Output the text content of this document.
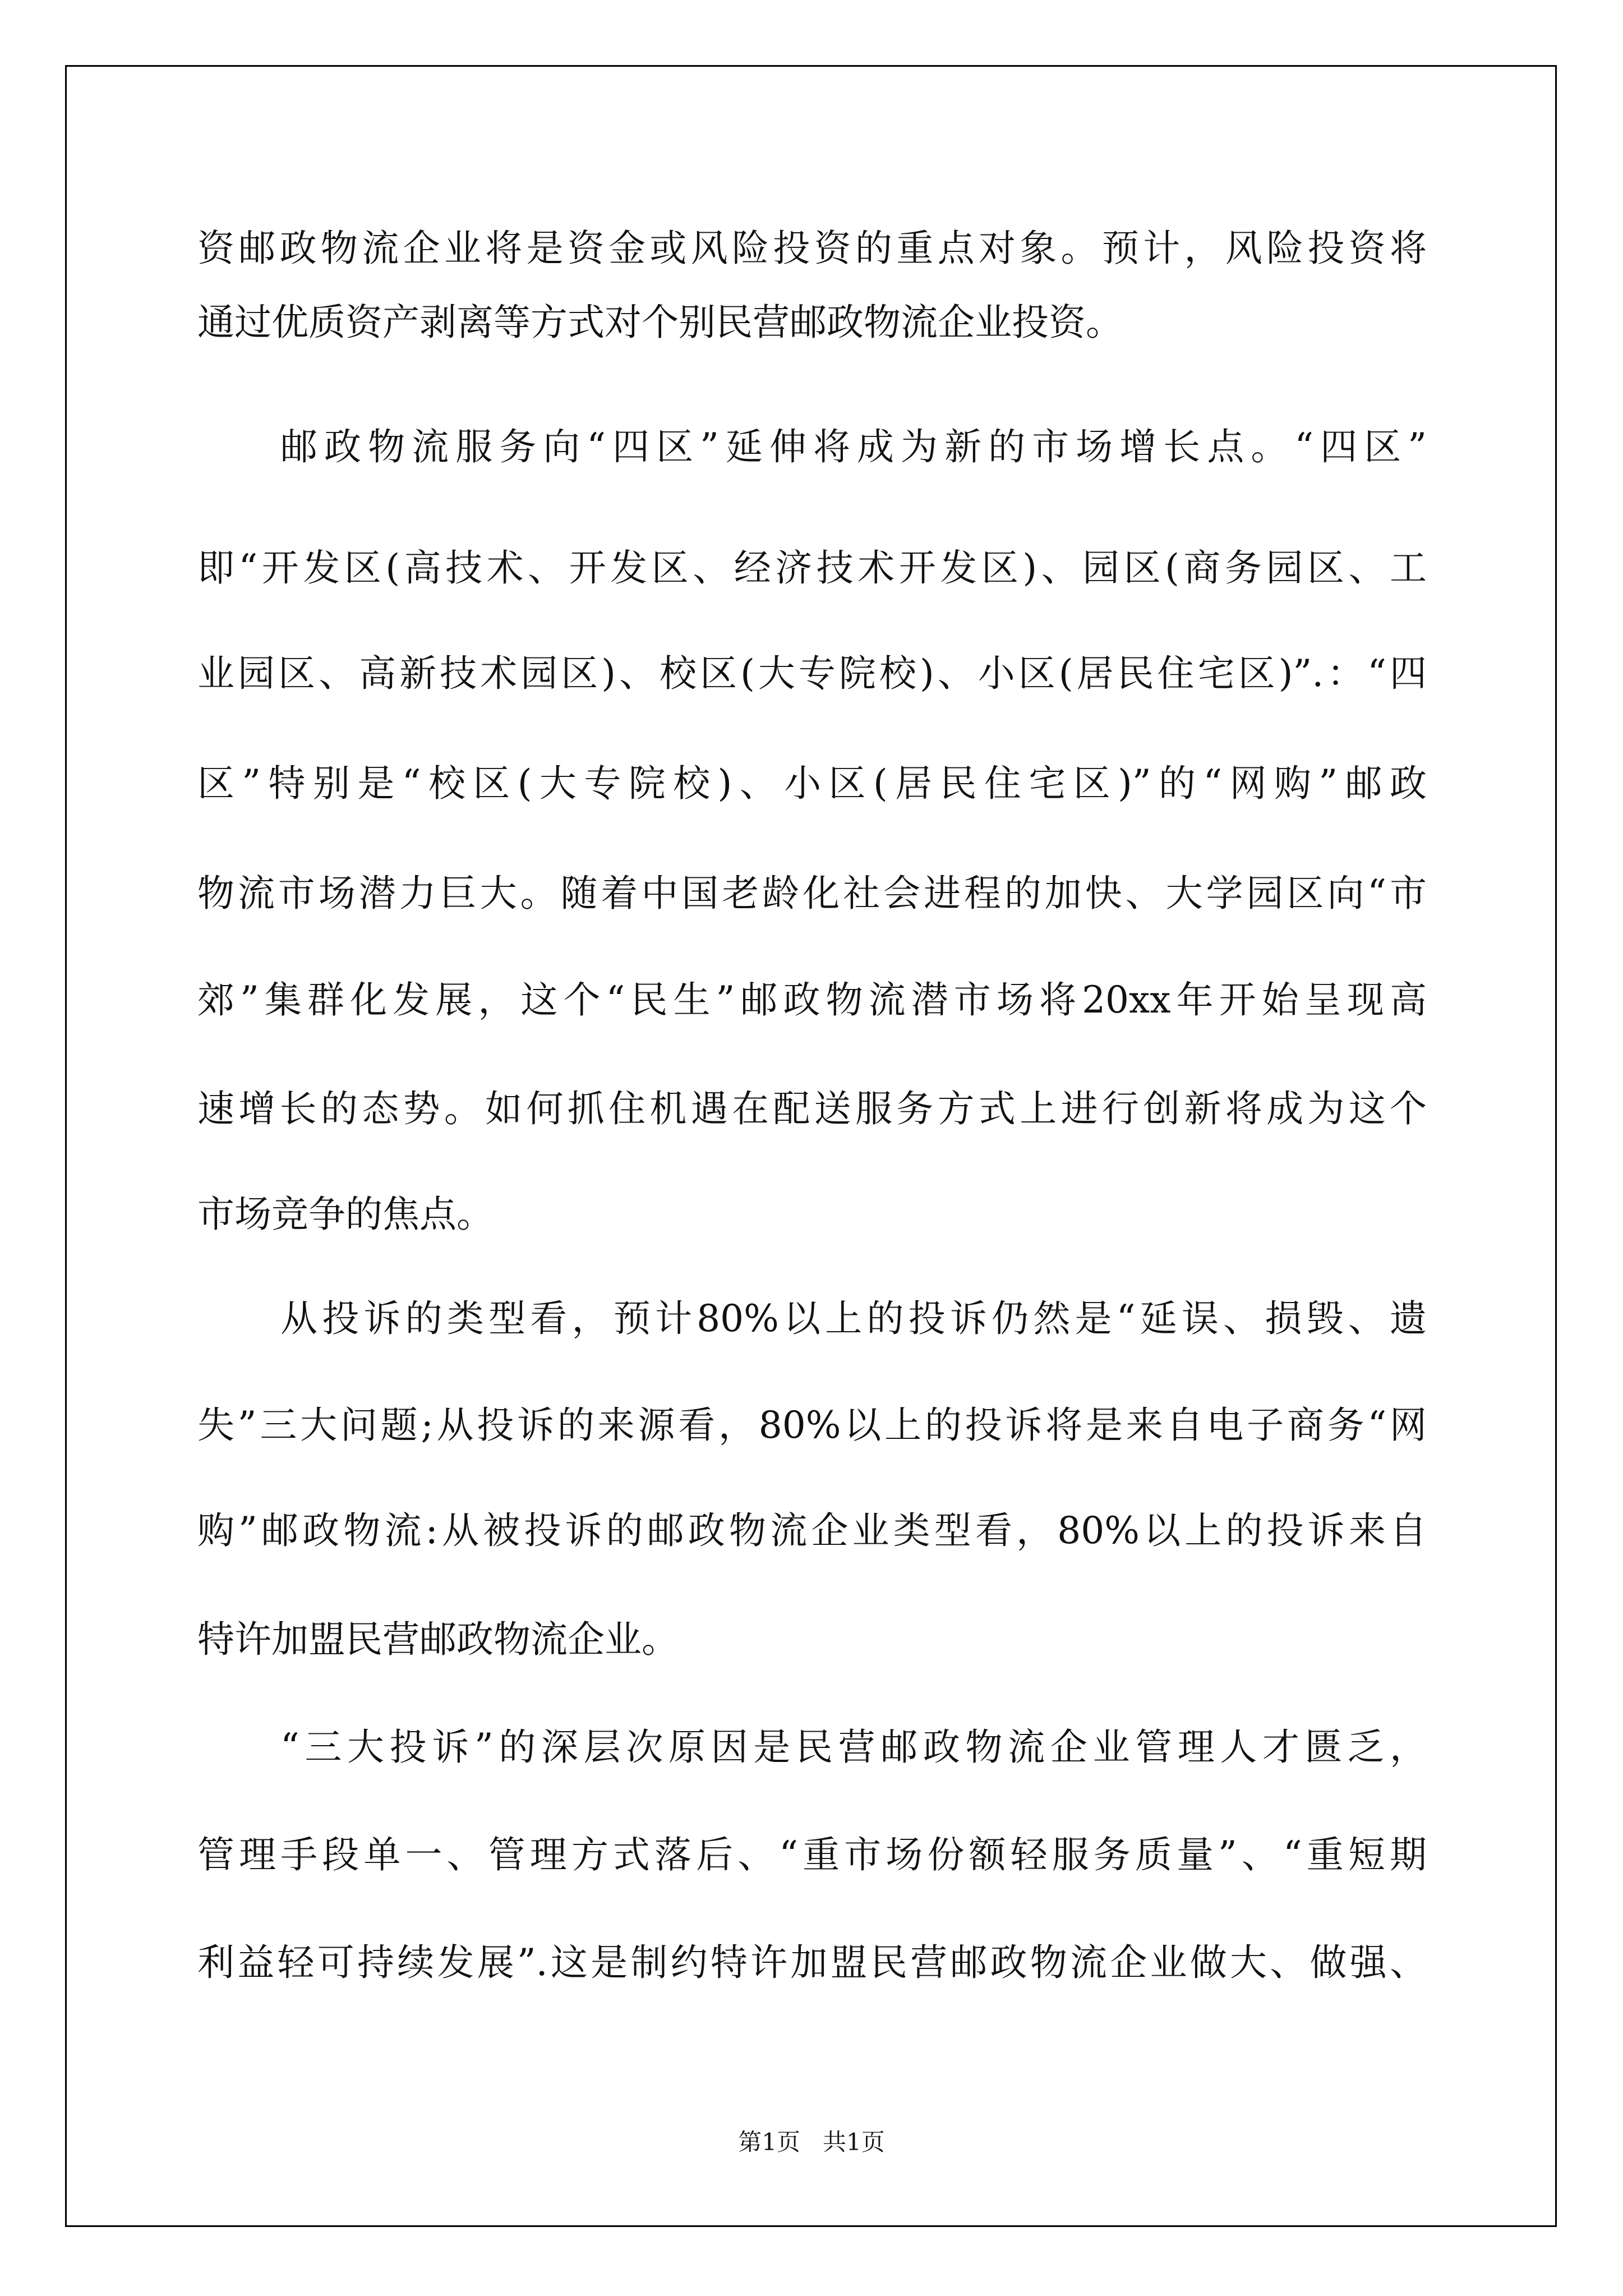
资邮政物流企业将是资金或风险投资的重点对象。预计，风险投资将
通过优质资产剥离等方式对个别民营邮政物流企业投资。
邮政物流服务向“四区”延伸将成为新的市场增长点。“四区”
即“开发区(高技术、开发区、经济技术开发区)、园区(商务园区、工
业园区、高新技术园区)、校区(大专院校)、小区(居民住宅区)”.：“四
区”特别是“校区(大专院校)、小区(居民住宅区)”的“网购”邮政
物流市场潜力巨大。随着中国老龄化社会进程的加快、大学园区向“市
郊”集群化发展，这个“民生”邮政物流潜市场将20xx年开始呈现高
速增长的态势。如何抓住机遇在配送服务方式上进行创新将成为这个
市场竞争的焦点。
从投诉的类型看，预计80%以上的投诉仍然是“延误、损毁、遗
失”三大问题;从投诉的来源看，80%以上的投诉将是来自电子商务“网
购”邮政物流:从被投诉的邮政物流企业类型看，80%以上的投诉来自
特许加盟民营邮政物流企业。
“三大投诉”的深层次原因是民营邮政物流企业管理人才匮乏，
管理手段单一、管理方式落后、“重市场份额轻服务质量”、“重短期
利益轻可持续发展”.这是制约特许加盟民营邮政物流企业做大、做强、
第1页   共1页
